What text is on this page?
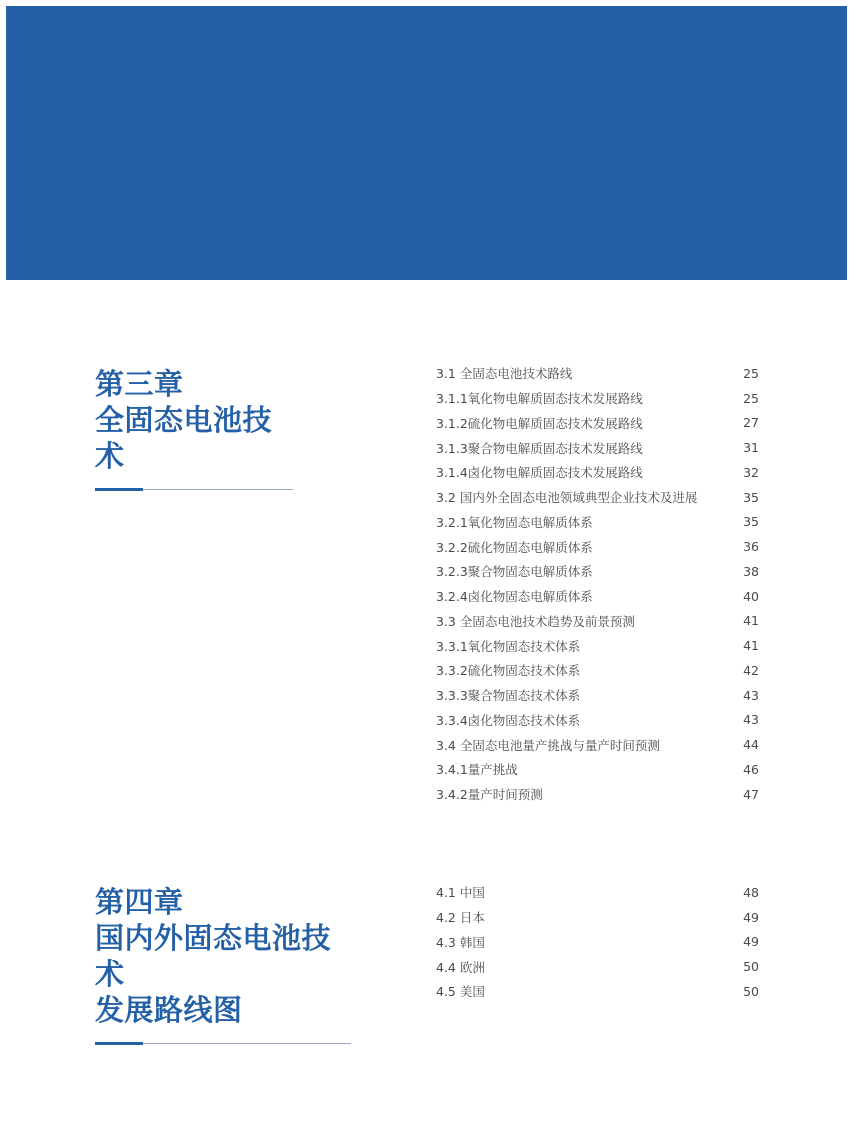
第三章
全固态电池技术
3.1 全固态电池技术路线	25
3.1.1氧化物电解质固态技术发展路线	25
3.1.2硫化物电解质固态技术发展路线	27
3.1.3聚合物电解质固态技术发展路线	31
3.1.4卤化物电解质固态技术发展路线	32
3.2 国内外全固态电池领域典型企业技术及进展	35
3.2.1氧化物固态电解质体系	35
3.2.2硫化物固态电解质体系	36
3.2.3聚合物固态电解质体系	38
3.2.4卤化物固态电解质体系	40
3.3 全固态电池技术趋势及前景预测	41
3.3.1氧化物固态技术体系	41
3.3.2硫化物固态技术体系	42
3.3.3聚合物固态技术体系	43
3.3.4卤化物固态技术体系	43
3.4 全固态电池量产挑战与量产时间预测	44
3.4.1量产挑战	46
3.4.2量产时间预测	47
第四章
国内外固态电池技术
发展路线图
4.1 中国	48
4.2 日本	49
4.3 韩国	49
4.4 欧洲	50
4.5 美国	50
